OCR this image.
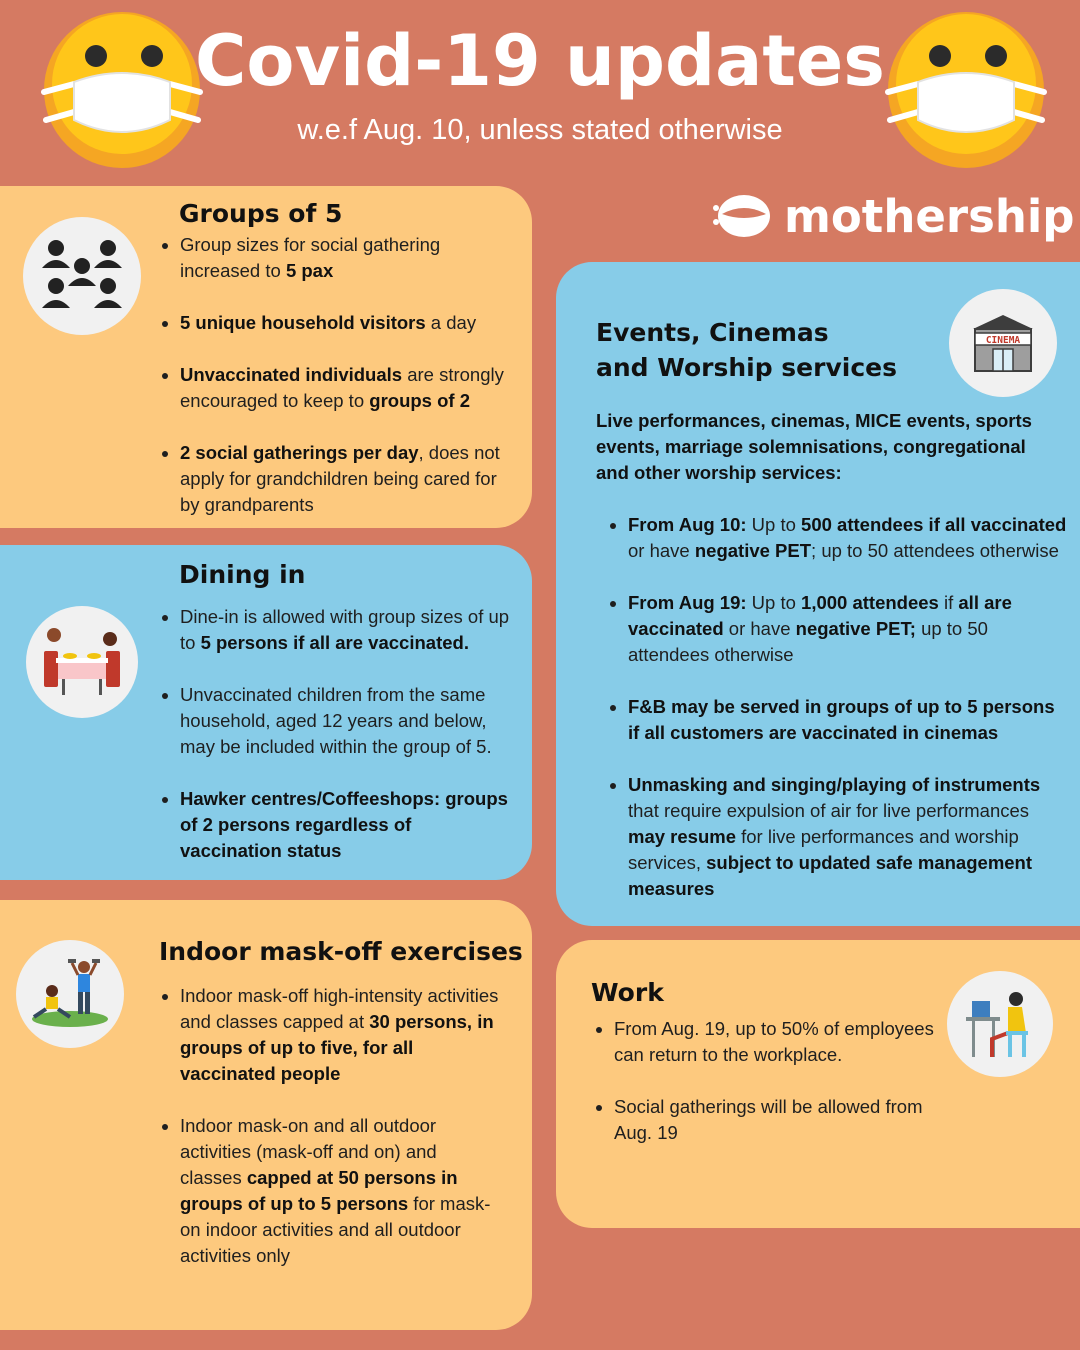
Covid-19 updates
w.e.f Aug. 10, unless stated otherwise
mothership
Groups of 5
• Group sizes for social gathering increased to 5 pax
• 5 unique household visitors a day
• Unvaccinated individuals are strongly encouraged to keep to groups of 2
• 2 social gatherings per day, does not apply for grandchildren being cared for by grandparents
Dining in
• Dine-in is allowed with group sizes of up to 5 persons if all are vaccinated.
• Unvaccinated children from the same household, aged 12 years and below, may be included within the group of 5.
• Hawker centres/Coffeeshops: groups of 2 persons regardless of vaccination status
Indoor mask-off exercises
• Indoor mask-off high-intensity activities and classes capped at 30 persons, in groups of up to five, for all vaccinated people
• Indoor mask-on and all outdoor activities (mask-off and on) and classes capped at 50 persons in groups of up to 5 persons for mask-on indoor activities and all outdoor activities only
CINEMA
Events, Cinemas
and Worship services
Live performances, cinemas, MICE events, sports events, marriage solemnisations, congregational and other worship services:
• From Aug 10: Up to 500 attendees if all vaccinated or have negative PET; up to 50 attendees otherwise
• From Aug 19: Up to 1,000 attendees if all are vaccinated or have negative PET; up to 50 attendees otherwise
• F&B may be served in groups of up to 5 persons if all customers are vaccinated in cinemas
• Unmasking and singing/playing of instruments that require expulsion of air for live performances may resume for live performances and worship services, subject to updated safe management measures
Work
• From Aug. 19, up to 50% of employees can return to the workplace.
• Social gatherings will be allowed from Aug. 19
